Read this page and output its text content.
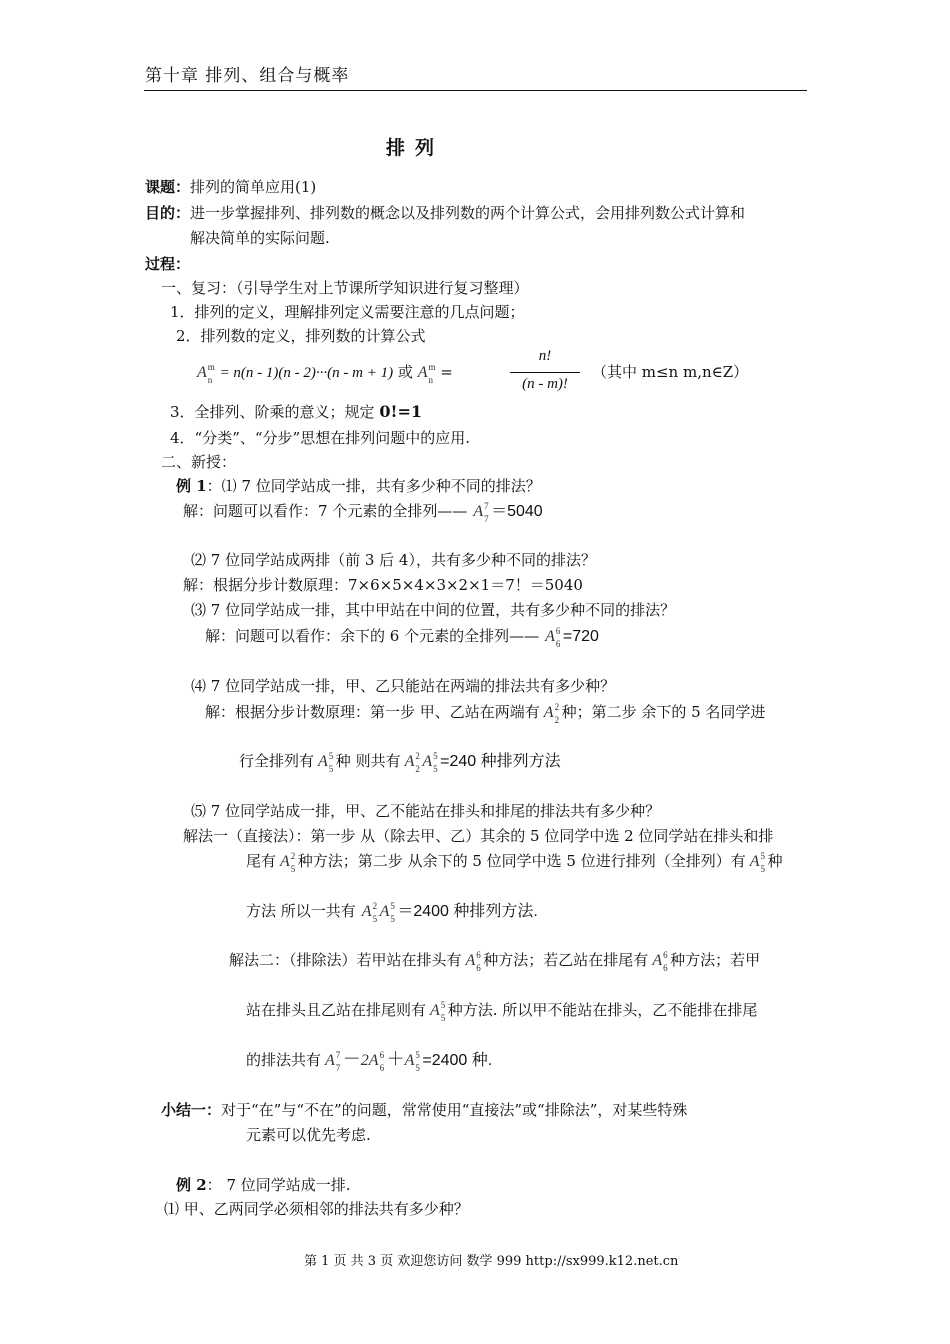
第十章 排列、组合与概率
排列
课题：排列的简单应用(1)
目的：进一步掌握排列、排列数的概念以及排列数的两个计算公式，会用排列数公式计算和
解决简单的实际问题.
过程：
一、复习：（引导学生对上节课所学知识进行复习整理）
1．排列的定义，理解排列定义需要注意的几点问题；
2．排列数的定义，排列数的计算公式
A m
n = n(n - 1)(n - 2)···(n - m + 1) 或 A m
n =
n!
(n - m)!
（其中 m≤n m,n∈Z）
3．全排列、阶乘的意义；规定 0!=1
4．“分类”、“分步”思想在排列问题中的应用.
二、新授：
例 1：⑴ 7 位同学站成一排，共有多少种不同的排法？
解：问题可以看作：7 个元素的全排列—— A 7
7 ＝5040
⑵ 7 位同学站成两排（前 3 后 4），共有多少种不同的排法？
解：根据分步计数原理：7×6×5×4×3×2×1＝7！＝5040
⑶ 7 位同学站成一排，其中甲站在中间的位置，共有多少种不同的排法？
解：问题可以看作：余下的 6 个元素的全排列—— A 6
6 =720
⑷ 7 位同学站成一排，甲、乙只能站在两端的排法共有多少种？
解：根据分步计数原理：第一步 甲、乙站在两端有 A 2
2 种；第二步 余下的 5 名同学进
行全排列有 A 5
5 种 则共有 A 2
2 A 5
5 =240 种排列方法
⑸ 7 位同学站成一排，甲、乙不能站在排头和排尾的排法共有多少种？
解法一（直接法）：第一步 从（除去甲、乙）其余的 5 位同学中选 2 位同学站在排头和排
尾有 A 2
5 种方法；第二步 从余下的 5 位同学中选 5 位进行排列（全排列）有 A 5
5 种
方法 所以一共有 A 2
5 A 5
5 ＝2400 种排列方法.
解法二：（排除法）若甲站在排头有 A 6
6 种方法；若乙站在排尾有 A 6
6 种方法；若甲
站在排头且乙站在排尾则有 A 5
5 种方法. 所以甲不能站在排头，乙不能排在排尾
的排法共有 A 7
7 －2A 6
6 ＋A 5
5 =2400 种.
小结一：对于“在”与“不在”的问题，常常使用“直接法”或“排除法”，对某些特殊
元素可以优先考虑.
例 2： 7 位同学站成一排.
⑴ 甲、乙两同学必须相邻的排法共有多少种？
第 1 页 共 3 页 欢迎您访问 数学 999 http://sx999.k12.net.cn
